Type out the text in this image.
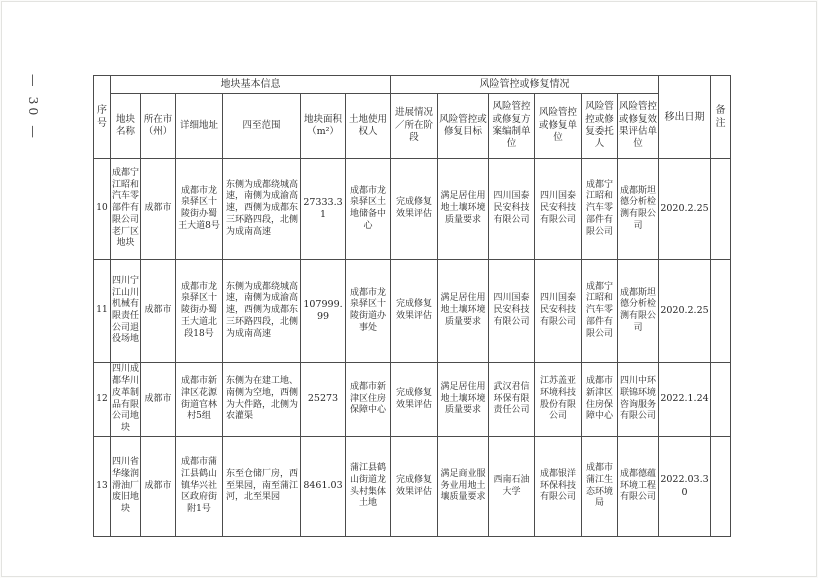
— 30 —	序号	地块基本信息						风险管控或修复情况						移出日期	备注
	地块名称	所在市（州）	详细地址	四至范围	地块面积（m²）	土地使用权人	进展情况／所在阶段	风险管控或修复目标	风险管控或修复方案编制单位	风险管控或修复单位	风险管控或修复委托人	风险管控或修复效果评估单位		
10	成都宁江昭和汽车零部件有限公司老厂区地块	成都市	成都市龙泉驿区十陵街办蜀王大道8号	东侧为成都绕城高速，南侧为成渝高速，西侧为成都东三环路四段，北侧为成南高速	27333.31	成都市龙泉驿区土地储备中心	完成修复效果评估	满足居住用地土壤环境质量要求	四川国泰民安科技有限公司	四川国泰民安科技有限公司	成都宁江昭和汽车零部件有限公司	成都斯坦德分析检测有限公司	2020.2.25	
11	四川宁江山川机械有限责任公司退役场地	成都市	成都市龙泉驿区十陵街办蜀王大道北段18号	东侧为成都绕城高速，南侧为成渝高速，西侧为成都东三环路四段，北侧为成南高速	107999.99	成都市龙泉驿区十陵街道办事处	完成修复效果评估	满足居住用地土壤环境质量要求	四川国泰民安科技有限公司	四川国泰民安科技有限公司	成都宁江昭和汽车零部件有限公司	成都斯坦德分析检测有限公司	2020.2.25	
12	四川成都华川皮革制品有限公司地块	成都市	成都市新津区花源街道官林村5组	东侧为在建工地、南侧为空地，西侧为大件路，北侧为农灌渠	25273	成都市新津区住房保障中心	完成修复效果评估	满足居住用地土壤环境质量要求	武汉君信环保有限责任公司	江苏盖亚环境科技股份有限公司	成都市新津区住房保障中心	四川中环联锦环境咨询服务有限公司	2022.1.24	
13	四川省华缘润滑油厂废旧地块	成都市	成都市蒲江县鹤山镇华兴社区政府街附1号	东至仓储厂房，西至果园，南至蒲江河，北至果园	8461.03	蒲江县鹤山街道龙头村集体土地	完成修复效果评估	满足商业服务业用地土壤质量要求	西南石油大学	成都银洋环保科技有限公司	成都市蒲江生态环境局	成都德蕴环境工程有限公司	2022.03.30	
